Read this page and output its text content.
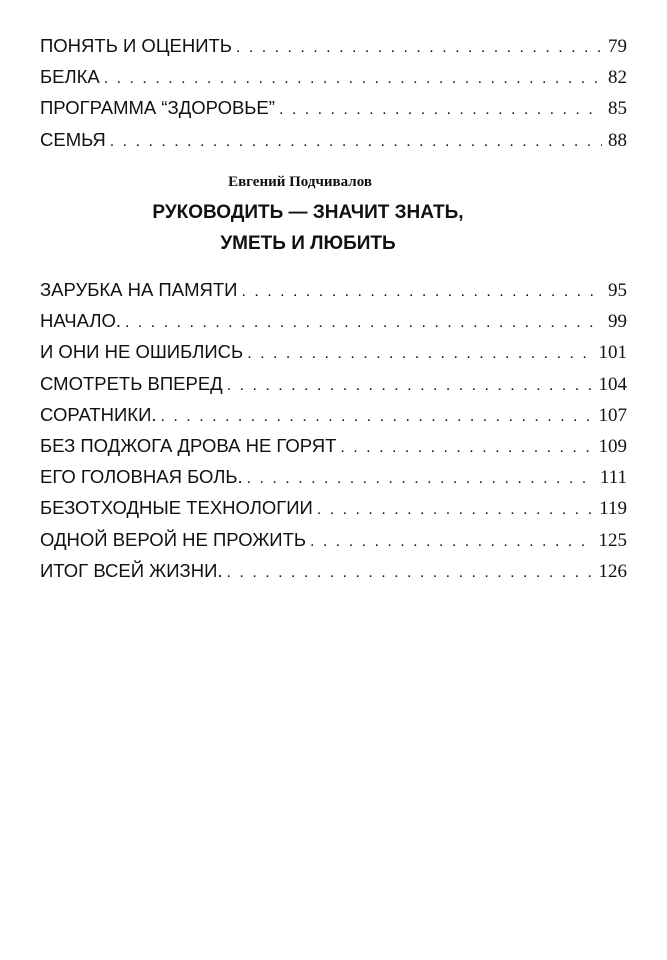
ПОНЯТЬ И ОЦЕНИТЬ . . .	79
БЕЛКА . . .	82
ПРОГРАММА “ЗДОРОВЬЕ” . . .	85
СЕМЬЯ . . .	88
Евгений Подчивалов
РУКОВОДИТЬ — ЗНАЧИТ ЗНАТЬ,
УМЕТЬ И ЛЮБИТЬ
ЗАРУБКА НА ПАМЯТИ . . .	95
НАЧАЛО. . . .	99
И ОНИ НЕ ОШИБЛИСЬ . . .	101
СМОТРЕТЬ ВПЕРЕД . . .	104
СОРАТНИКИ. . . .	107
БЕЗ ПОДЖОГА ДРОВА НЕ ГОРЯТ . . .	109
ЕГО ГОЛОВНАЯ БОЛЬ. . . .	111
БЕЗОТХОДНЫЕ ТЕХНОЛОГИИ . . .	119
ОДНОЙ ВЕРОЙ НЕ ПРОЖИТЬ . . .	125
ИТОГ ВСЕЙ ЖИЗНИ. . . .	126
